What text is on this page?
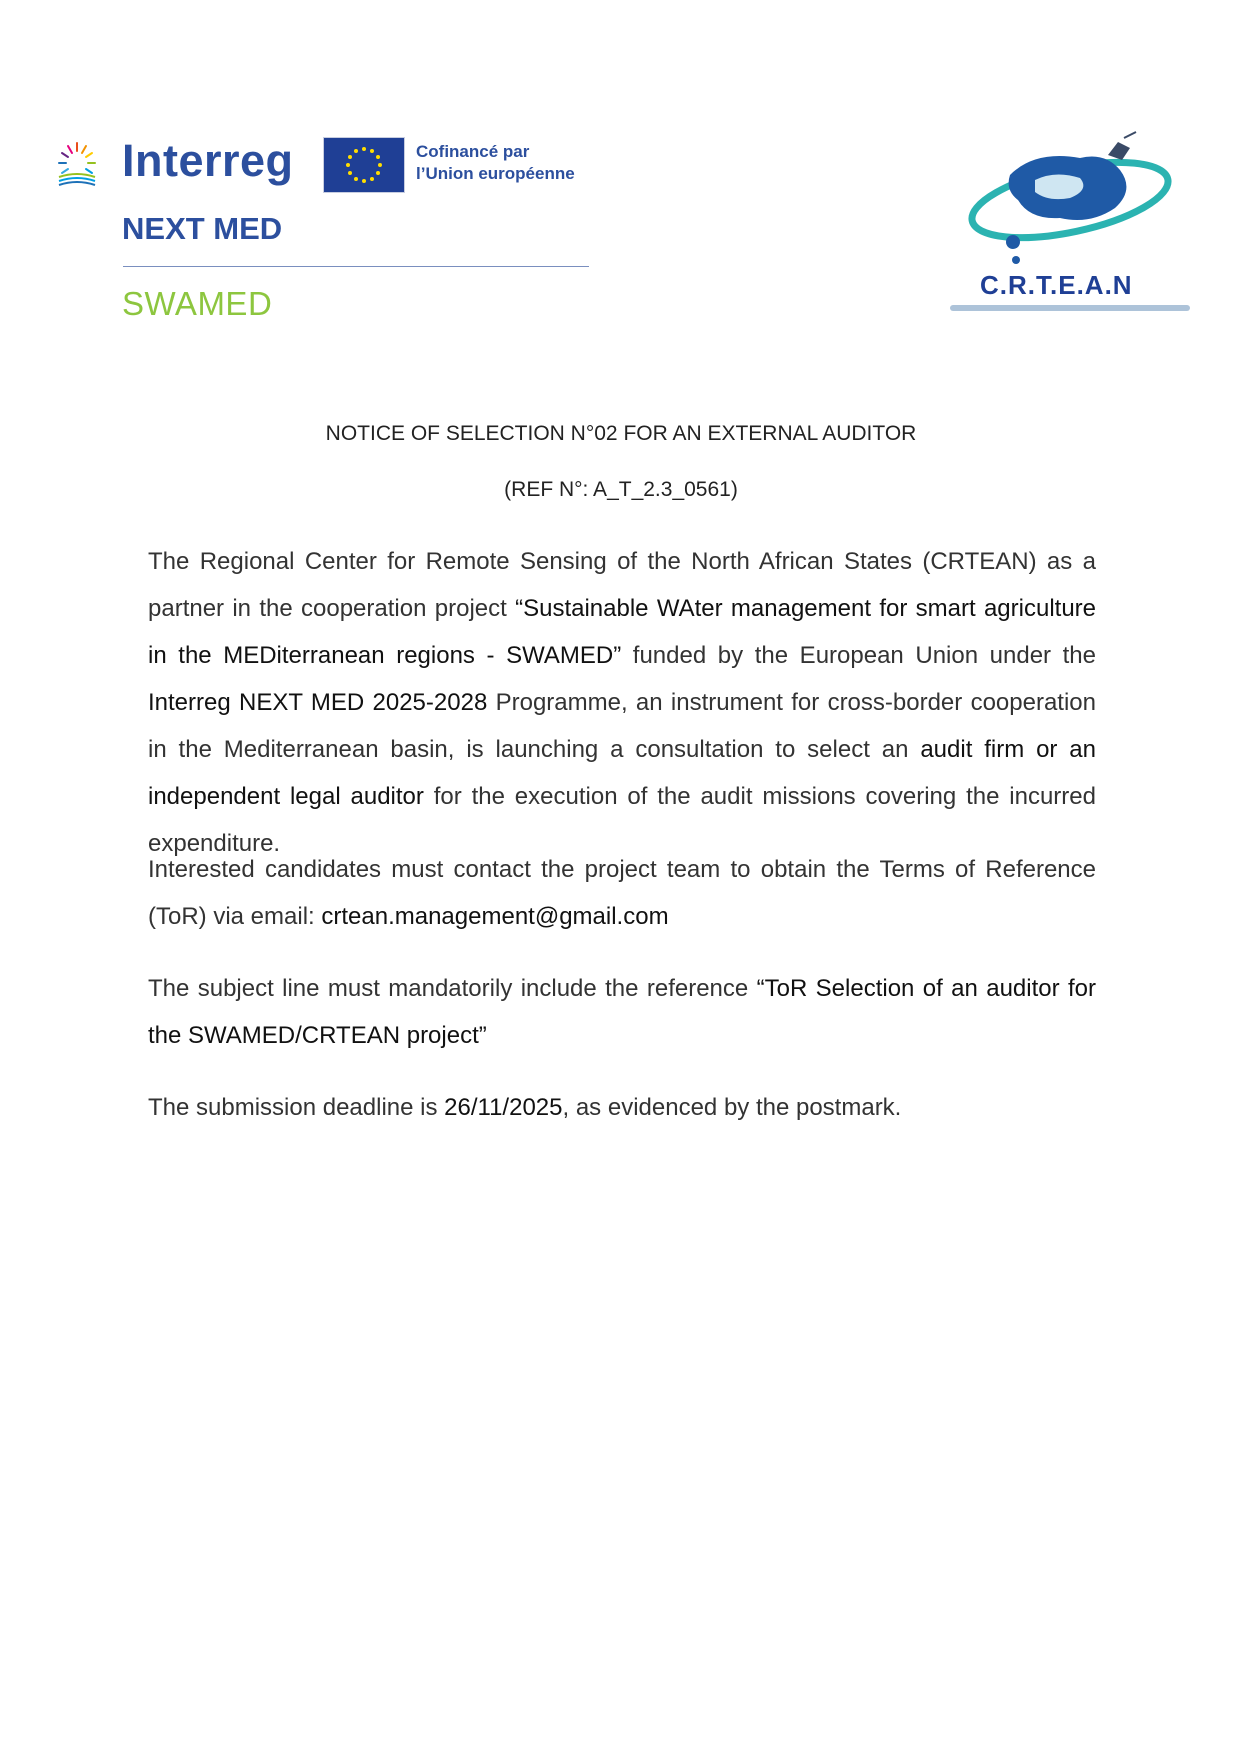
Interreg	Cofinancé par
l’Union européenne
NEXT MED
SWAMED	C.R.T.E.A.N
NOTICE OF SELECTION N°02 FOR AN EXTERNAL AUDITOR
(REF N°: A_T_2.3_0561)

The Regional Center for Remote Sensing of the North African States (CRTEAN) as a partner in the cooperation project “Sustainable WAter management for smart agriculture in the MEDiterranean regions - SWAMED” funded by the European Union under the Interreg NEXT MED 2025-2028 Programme, an instrument for cross-border cooperation in the Mediterranean basin, is launching a consultation to select an audit firm or an independent legal auditor for the execution of the audit missions covering the incurred expenditure.

Interested candidates must contact the project team to obtain the Terms of Reference (ToR) via email: crtean.management@gmail.com

The subject line must mandatorily include the reference “ToR Selection of an auditor for the SWAMED/CRTEAN project”

The submission deadline is 26/11/2025, as evidenced by the postmark.
